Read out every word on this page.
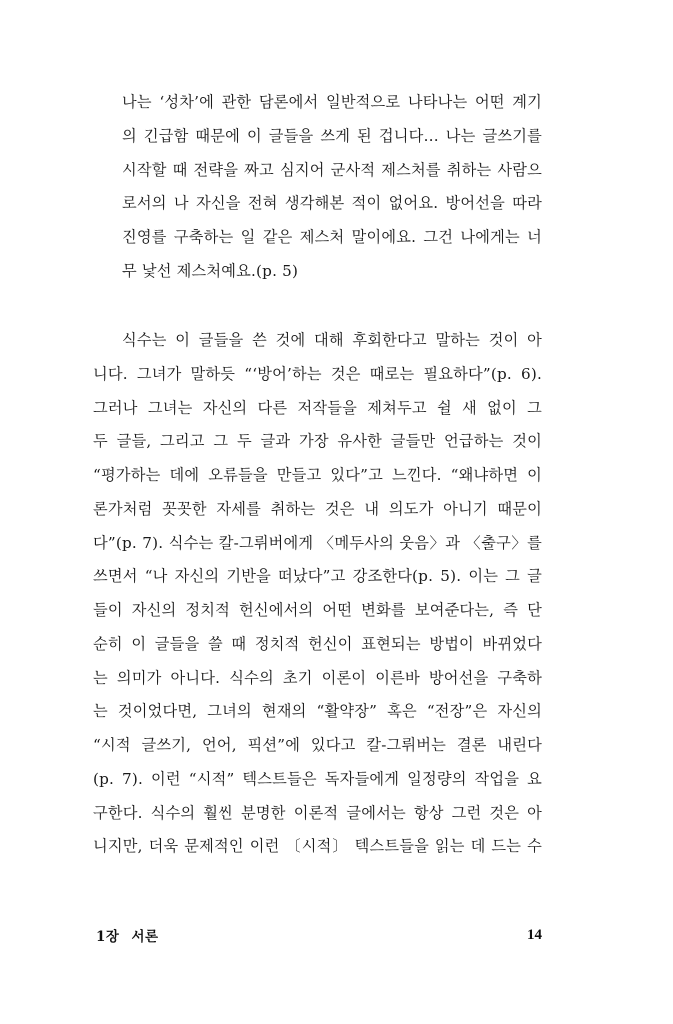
나는 ‘성차’에 관한 담론에서 일반적으로 나타나는 어떤 계기
의 긴급함 때문에 이 글들을 쓰게 된 겁니다… 나는 글쓰기를
시작할 때 전략을 짜고 심지어 군사적 제스처를 취하는 사람으
로서의 나 자신을 전혀 생각해본 적이 없어요. 방어선을 따라
진영를 구축하는 일 같은 제스처 말이에요. 그건 나에게는 너
무 낯선 제스처예요.(p. 5)
식수는 이 글들을 쓴 것에 대해 후회한다고 말하는 것이 아
니다. 그녀가 말하듯 “‘방어’하는 것은 때로는 필요하다”(p. 6).
그러나 그녀는 자신의 다른 저작들을 제쳐두고 쉴 새 없이 그
두 글들, 그리고 그 두 글과 가장 유사한 글들만 언급하는 것이
“평가하는 데에 오류들을 만들고 있다”고 느낀다. “왜냐하면 이
론가처럼 꼿꼿한 자세를 취하는 것은 내 의도가 아니기 때문이
다”(p. 7). 식수는 칼-그뤼버에게 〈메두사의 웃음〉과 〈출구〉를
쓰면서 “나 자신의 기반을 떠났다”고 강조한다(p. 5). 이는 그 글
들이 자신의 정치적 헌신에서의 어떤 변화를 보여준다는, 즉 단
순히 이 글들을 쓸 때 정치적 헌신이 표현되는 방법이 바뀌었다
는 의미가 아니다. 식수의 초기 이론이 이른바 방어선을 구축하
는 것이었다면, 그녀의 현재의 “활약장” 혹은 “전장”은 자신의
“시적 글쓰기, 언어, 픽션”에 있다고 칼-그뤼버는 결론 내린다
(p. 7). 이런 “시적” 텍스트들은 독자들에게 일정량의 작업을 요
구한다. 식수의 훨씬 분명한 이론적 글에서는 항상 그런 것은 아
니지만, 더욱 문제적인 이런 〔시적〕 텍스트들을 읽는 데 드는 수
1장 서론	14
